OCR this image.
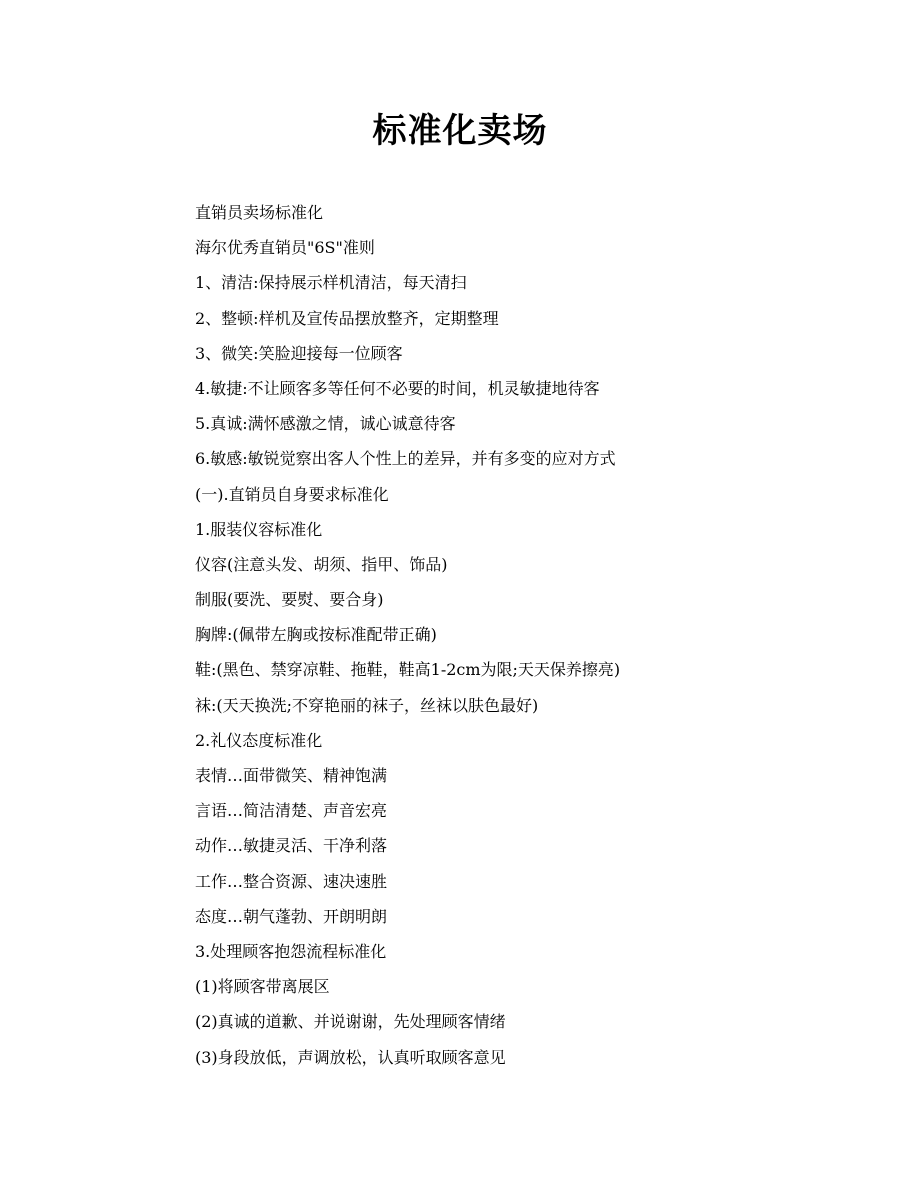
标准化卖场
直销员卖场标准化
海尔优秀直销员"6S"准则
1、清洁:保持展示样机清洁，每天清扫
2、整顿:样机及宣传品摆放整齐，定期整理
3、微笑:笑脸迎接每一位顾客
4.敏捷:不让顾客多等任何不必要的时间，机灵敏捷地待客
5.真诚:满怀感激之情，诚心诚意待客
6.敏感:敏锐觉察出客人个性上的差异，并有多变的应对方式
(一).直销员自身要求标准化
1.服装仪容标准化
仪容(注意头发、胡须、指甲、饰品)
制服(要洗、要熨、要合身)
胸牌:(佩带左胸或按标准配带正确)
鞋:(黑色、禁穿凉鞋、拖鞋，鞋高1-2cm为限;天天保养擦亮)
袜:(天天换洗;不穿艳丽的袜子，丝袜以肤色最好)
2.礼仪态度标准化
表情…面带微笑、精神饱满
言语…简洁清楚、声音宏亮
动作…敏捷灵活、干净利落
工作…整合资源、速决速胜
态度…朝气蓬勃、开朗明朗
3.处理顾客抱怨流程标准化
(1)将顾客带离展区
(2)真诚的道歉、并说谢谢，先处理顾客情绪
(3)身段放低，声调放松，认真听取顾客意见
